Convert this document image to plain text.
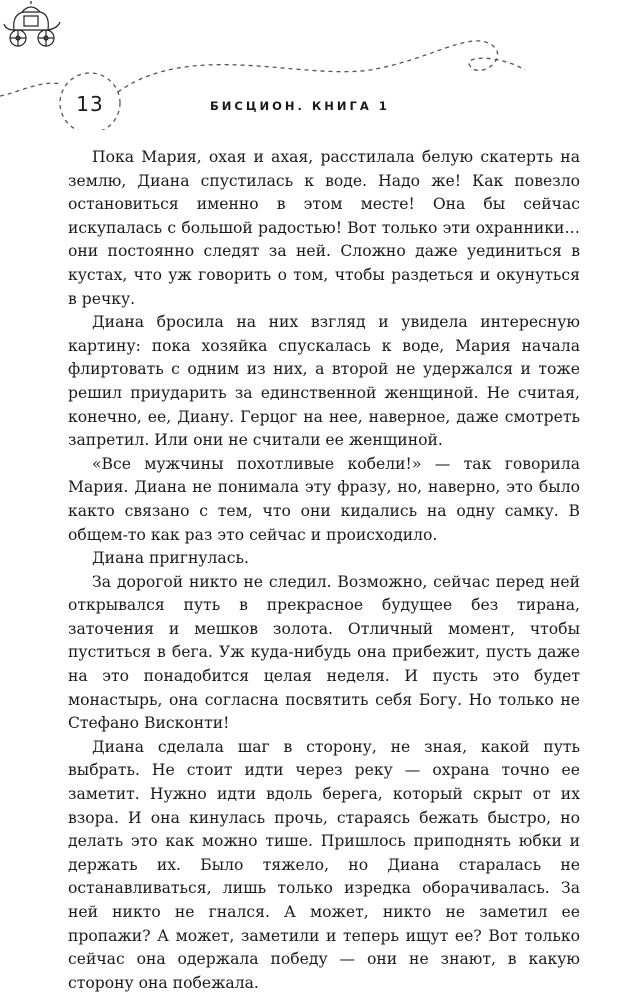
13	БИСЦИОН. КНИГА 1

Пока Мария, охая и ахая, расстилала белую скатерть на землю, Диана спустилась к воде. Надо же! Как повезло остановиться именно в этом месте! Она бы сейчас искупалась с большой радостью! Вот только эти охранники… они постоянно следят за ней. Сложно даже уединиться в кустах, что уж говорить о том, чтобы раздеться и окунуться в речку.

Диана бросила на них взгляд и увидела интересную картину: пока хозяйка спускалась к воде, Мария начала флиртовать с одним из них, а второй не удержался и тоже решил приударить за единственной женщиной. Не считая, конечно, ее, Диану. Герцог на нее, наверное, даже смотреть запретил. Или они не считали ее женщиной.

«Все мужчины похотливые кобели!» — так говорила Мария. Диана не понимала эту фразу, но, наверно, это было както связано с тем, что они кидались на одну самку. В общем-то как раз это сейчас и происходило.

Диана пригнулась.

За дорогой никто не следил. Возможно, сейчас перед ней открывался путь в прекрасное будущее без тирана, заточения и мешков золота. Отличный момент, чтобы пуститься в бега. Уж куда-нибудь она прибежит, пусть даже на это понадобится целая неделя. И пусть это будет монастырь, она согласна посвятить себя Богу. Но только не Стефано Висконти!

Диана сделала шаг в сторону, не зная, какой путь выбрать. Не стоит идти через реку — охрана точно ее заметит. Нужно идти вдоль берега, который скрыт от их взора. И она кинулась прочь, стараясь бежать быстро, но делать это как можно тише. Пришлось приподнять юбки и держать их. Было тяжело, но Диана старалась не останавливаться, лишь только изредка оборачивалась. За ней никто не гнался. А может, никто не заметил ее пропажи? А может, заметили и теперь ищут ее? Вот только сейчас она одержала победу — они не знают, в какую сторону она побежала.
